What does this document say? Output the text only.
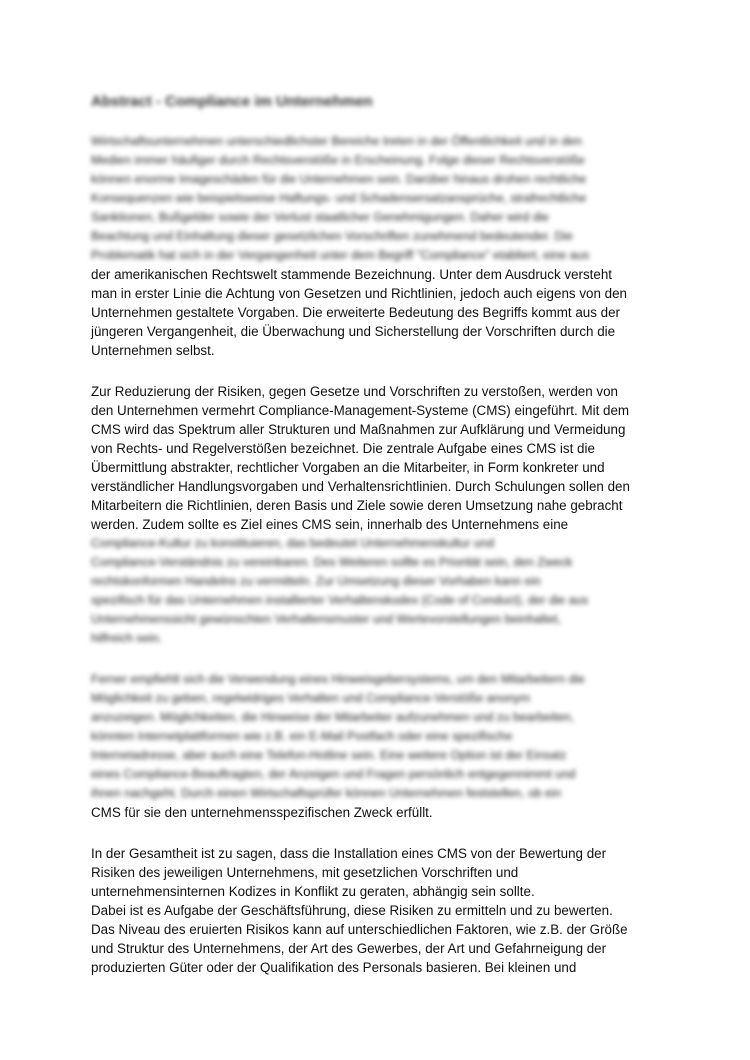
Abstract - Compliance im Unternehmen
Wirtschaftsunternehmen unterschiedlichster Bereiche treten in der Öffentlichkeit und in den
Medien immer häufiger durch Rechtsverstöße in Erscheinung. Folge dieser Rechtsverstöße
können enorme Imageschäden für die Unternehmen sein. Darüber hinaus drohen rechtliche
Konsequenzen wie beispielsweise Haftungs- und Schadensersatzansprüche, strafrechtliche
Sanktionen, Bußgelder sowie der Verlust staatlicher Genehmigungen. Daher wird die
Beachtung und Einhaltung dieser gesetzlichen Vorschriften zunehmend bedeutender. Die
Problematik hat sich in der Vergangenheit unter dem Begriff "Compliance" etabliert, eine aus
der amerikanischen Rechtswelt stammende Bezeichnung. Unter dem Ausdruck versteht
man in erster Linie die Achtung von Gesetzen und Richtlinien, jedoch auch eigens von den
Unternehmen gestaltete Vorgaben. Die erweiterte Bedeutung des Begriffs kommt aus der
jüngeren Vergangenheit, die Überwachung und Sicherstellung der Vorschriften durch die
Unternehmen selbst.
Zur Reduzierung der Risiken, gegen Gesetze und Vorschriften zu verstoßen, werden von
den Unternehmen vermehrt Compliance-Management-Systeme (CMS) eingeführt. Mit dem
CMS wird das Spektrum aller Strukturen und Maßnahmen zur Aufklärung und Vermeidung
von Rechts- und Regelverstößen bezeichnet. Die zentrale Aufgabe eines CMS ist die
Übermittlung abstrakter, rechtlicher Vorgaben an die Mitarbeiter, in Form konkreter und
verständlicher Handlungsvorgaben und Verhaltensrichtlinien. Durch Schulungen sollen den
Mitarbeitern die Richtlinien, deren Basis und Ziele sowie deren Umsetzung nahe gebracht
werden. Zudem sollte es Ziel eines CMS sein, innerhalb des Unternehmens eine
Compliance-Kultur zu konstituieren, das bedeutet Unternehmenskultur und
Compliance-Verständnis zu vereinbaren. Des Weiteren sollte es Priorität sein, den Zweck
rechtskonformen Handelns zu vermitteln. Zur Umsetzung dieser Vorhaben kann ein
spezifisch für das Unternehmen installierter Verhaltenskodex (Code of Conduct), der die aus
Unternehmenssicht gewünschten Verhaltensmuster und Wertevorstellungen beinhaltet,
hilfreich sein.
Ferner empfiehlt sich die Verwendung eines Hinweisgebersystems, um den Mitarbeitern die
Möglichkeit zu geben, regelwidriges Verhalten und Compliance-Verstöße anonym
anzuzeigen. Möglichkeiten, die Hinweise der Mitarbeiter aufzunehmen und zu bearbeiten,
könnten Internetplattformen wie z.B. ein E-Mail Postfach oder eine spezifische
Internetadresse, aber auch eine Telefon-Hotline sein. Eine weitere Option ist der Einsatz
eines Compliance-Beauftragten, der Anzeigen und Fragen persönlich entgegennimmt und
ihnen nachgeht. Durch einen Wirtschaftsprüfer können Unternehmen feststellen, ob ein
CMS für sie den unternehmensspezifischen Zweck erfüllt.
In der Gesamtheit ist zu sagen, dass die Installation eines CMS von der Bewertung der
Risiken des jeweiligen Unternehmens, mit gesetzlichen Vorschriften und
unternehmensinternen Kodizes in Konflikt zu geraten, abhängig sein sollte.
Dabei ist es Aufgabe der Geschäftsführung, diese Risiken zu ermitteln und zu bewerten.
Das Niveau des eruierten Risikos kann auf unterschiedlichen Faktoren, wie z.B. der Größe
und Struktur des Unternehmens, der Art des Gewerbes, der Art und Gefahrneigung der
produzierten Güter oder der Qualifikation des Personals basieren. Bei kleinen und
